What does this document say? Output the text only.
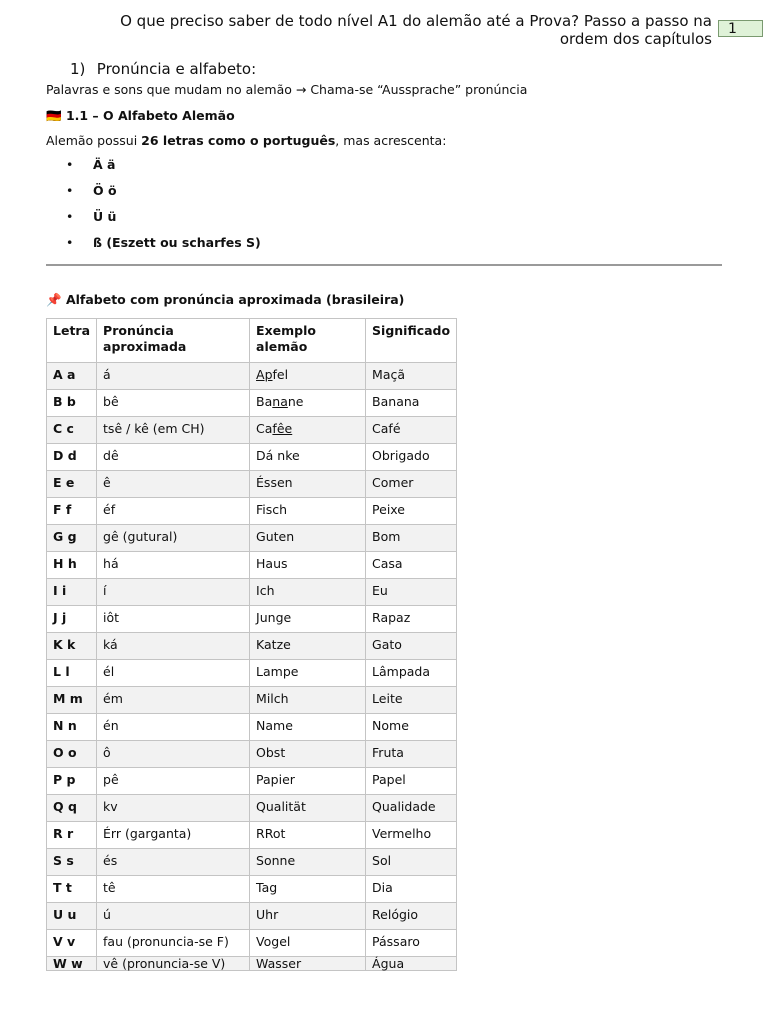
O que preciso saber de todo nível A1 do alemão até a Prova? Passo a passo na ordem dos capítulos
1
1) Pronúncia e alfabeto:
Palavras e sons que mudam no alemão → Chama-se “Aussprache” pronúncia
🇩🇪 1.1 – O Alfabeto Alemão
Alemão possui 26 letras como o português, mas acrescenta:
• Ä ä
• Ö ö
• Ü ü
• ß (Eszett ou scharfes S)
📌 Alfabeto com pronúncia aproximada (brasileira)
Letra	Pronúncia aproximada	Exemplo alemão	Significado
A a	á	Apfel	Maçã
B b	bê	Banane	Banana
C c	tsê / kê (em CH)	Cafêe	Café
D d	dê	Dá nke	Obrigado
E e	ê	Éssen	Comer
F f	éf	Fisch	Peixe
G g	gê (gutural)	Guten	Bom
H h	há	Haus	Casa
I i	í	Ich	Eu
J j	iôt	Junge	Rapaz
K k	ká	Katze	Gato
L l	él	Lampe	Lâmpada
M m	ém	Milch	Leite
N n	én	Name	Nome
O o	ô	Obst	Fruta
P p	pê	Papier	Papel
Q q	kv	Qualität	Qualidade
R r	Érr (garganta)	RRot	Vermelho
S s	és	Sonne	Sol
T t	tê	Tag	Dia
U u	ú	Uhr	Relógio
V v	fau (pronuncia-se F)	Vogel	Pássaro
W w	vê (pronuncia-se V)	Wasser	Água
